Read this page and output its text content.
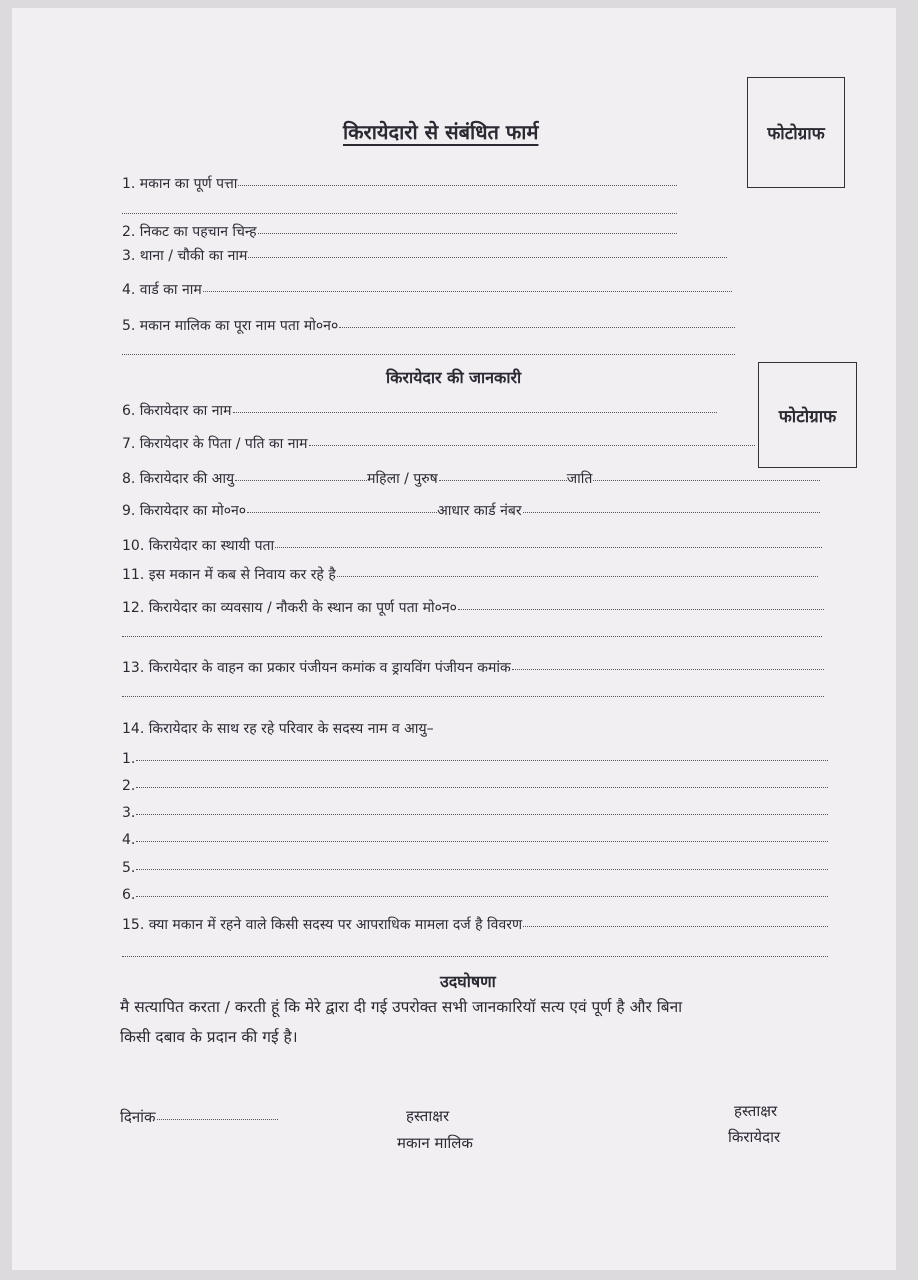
किरायेदारो से संबंधित फार्म	फोटोग्राफ
फोटोग्राफ
1. मकान का पूर्ण पत्ता
2. निकट का पहचान चिन्ह
3. थाना / चौकी का नाम
4. वार्ड का नाम
5. मकान मालिक का पूरा नाम पता मो०न०
किरायेदार की जानकारी
6. किरायेदार का नाम
7. किरायेदार के पिता / पति का नाम
8. किरायेदार की आयु	महिला / पुरुष	जाति
9. किरायेदार का मो०न०	आधार कार्ड नंबर
10. किरायेदार का स्थायी पता
11. इस मकान में कब से निवाय कर रहे है
12. किरायेदार का व्यवसाय / नौकरी के स्थान का पूर्ण पता मो०न०
13. किरायेदार के वाहन का प्रकार पंजीयन कमांक व ड्रायविंग पंजीयन कमांक
14. किरायेदार के साथ रह रहे परिवार के सदस्य नाम व आयु–
1.
2.
3.
4.
5.
6.
15. क्या मकान में रहने वाले किसी सदस्य पर आपराधिक मामला दर्ज है विवरण
उदघोषणा
मै सत्यापित करता / करती हूं कि मेरे द्वारा दी गई उपरोक्त सभी जानकारियॉ सत्य एवं पूर्ण है और बिना
किसी दबाव के प्रदान की गई है।
दिनांक	हस्ताक्षर
मकान मालिक
हस्ताक्षर
किरायेदार
